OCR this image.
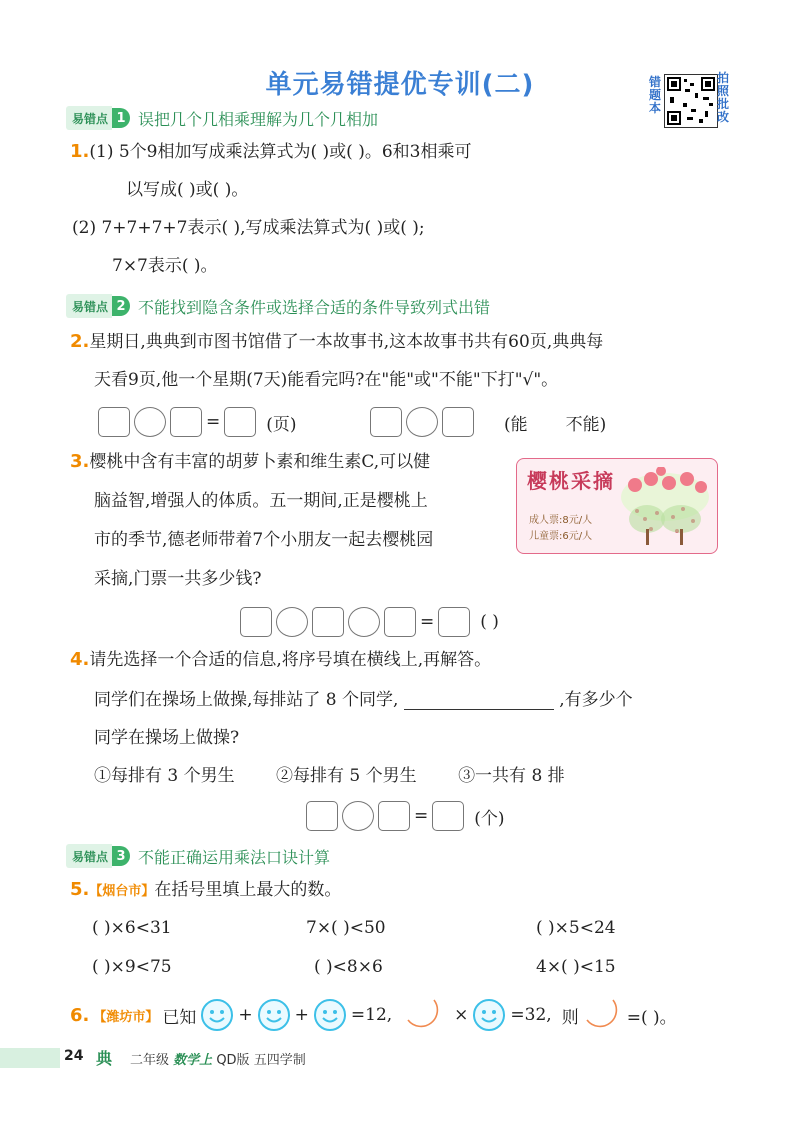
单元易错提优专训(二)	错题本
拍照批改
易错点 1 误把几个几相乘理解为几个几相加
1.(1) 5个9相加写成乘法算式为( )或( )。6和3相乘可
以写成( )或( )。
(2) 7+7+7+7表示( ),写成乘法算式为( )或( );
7×7表示( )。
易错点 2 不能找到隐含条件或选择合适的条件导致列式出错
2.星期日,典典到市图书馆借了一本故事书,这本故事书共有60页,典典每
天看9页,他一个星期(7天)能看完吗?在"能"或"不能"下打"√"。
=	(页)	(能 不能)
3.樱桃中含有丰富的胡萝卜素和维生素C,可以健
脑益智,增强人的体质。五一期间,正是樱桃上
市的季节,德老师带着7个小朋友一起去樱桃园
采摘,门票一共多少钱?
樱桃采摘
成人票:8元/人
儿童票:6元/人
=	( )
4.请先选择一个合适的信息,将序号填在横线上,再解答。
同学们在操场上做操,每排站了 8 个同学,	,有多少个
同学在操场上做操?
①每排有 3 个男生 ②每排有 5 个男生 ③一共有 8 排
=	(个)
易错点 3 不能正确运用乘法口诀计算
5.【烟台市】在括号里填上最大的数。
( )×6<31	7×( )<50	( )×5<24
( )×9<75	( )<8×6	4×( )<15
6. 【潍坊市】 已知 + + =12,	× =32, 则	=( )。
24 典 二年级 数学上 QD版 五四学制
